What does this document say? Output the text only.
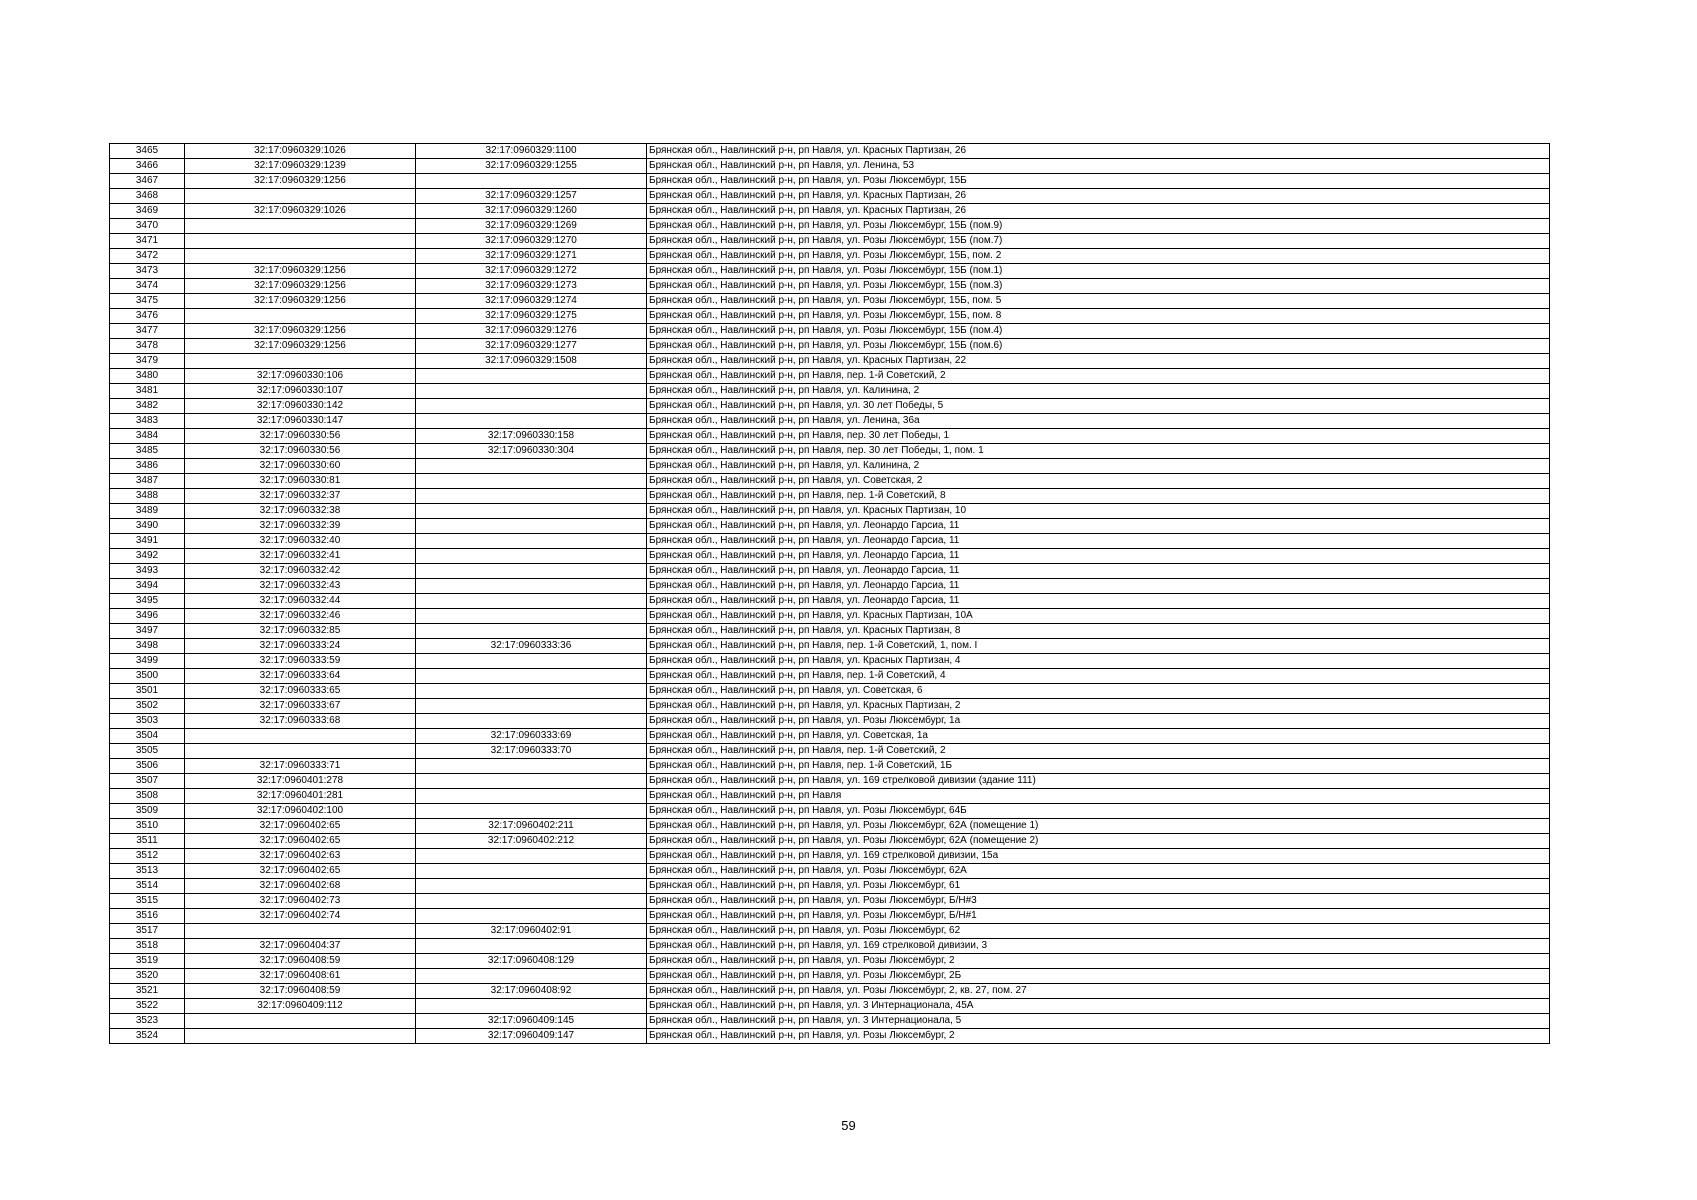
3465	32:17:0960329:1026	32:17:0960329:1100	Брянская обл., Навлинский р-н, рп Навля, ул. Красных Партизан, 26
3466	32:17:0960329:1239	32:17:0960329:1255	Брянская обл., Навлинский р-н, рп Навля, ул. Ленина, 53
3467	32:17:0960329:1256		Брянская обл., Навлинский р-н, рп Навля, ул. Розы Люксембург, 15Б
3468		32:17:0960329:1257	Брянская обл., Навлинский р-н, рп Навля, ул. Красных Партизан, 26
3469	32:17:0960329:1026	32:17:0960329:1260	Брянская обл., Навлинский р-н, рп Навля, ул. Красных Партизан, 26
3470		32:17:0960329:1269	Брянская обл., Навлинский р-н, рп Навля, ул. Розы Люксембург, 15Б (пом.9)
3471		32:17:0960329:1270	Брянская обл., Навлинский р-н, рп Навля, ул. Розы Люксембург, 15Б (пом.7)
3472		32:17:0960329:1271	Брянская обл., Навлинский р-н, рп Навля, ул. Розы Люксембург, 15Б, пом. 2
3473	32:17:0960329:1256	32:17:0960329:1272	Брянская обл., Навлинский р-н, рп Навля, ул. Розы Люксембург, 15Б (пом.1)
3474	32:17:0960329:1256	32:17:0960329:1273	Брянская обл., Навлинский р-н, рп Навля, ул. Розы Люксембург, 15Б (пом.3)
3475	32:17:0960329:1256	32:17:0960329:1274	Брянская обл., Навлинский р-н, рп Навля, ул. Розы Люксембург, 15Б, пом. 5
3476		32:17:0960329:1275	Брянская обл., Навлинский р-н, рп Навля, ул. Розы Люксембург, 15Б, пом. 8
3477	32:17:0960329:1256	32:17:0960329:1276	Брянская обл., Навлинский р-н, рп Навля, ул. Розы Люксембург, 15Б (пом.4)
3478	32:17:0960329:1256	32:17:0960329:1277	Брянская обл., Навлинский р-н, рп Навля, ул. Розы Люксембург, 15Б (пом.6)
3479		32:17:0960329:1508	Брянская обл., Навлинский р-н, рп Навля, ул. Красных Партизан, 22
3480	32:17:0960330:106		Брянская обл., Навлинский р-н, рп Навля, пер. 1-й Советский, 2
3481	32:17:0960330:107		Брянская обл., Навлинский р-н, рп Навля, ул. Калинина, 2
3482	32:17:0960330:142		Брянская обл., Навлинский р-н, рп Навля, ул. 30 лет Победы, 5
3483	32:17:0960330:147		Брянская обл., Навлинский р-н, рп Навля, ул. Ленина, 36а
3484	32:17:0960330:56	32:17:0960330:158	Брянская обл., Навлинский р-н, рп Навля, пер. 30 лет Победы, 1
3485	32:17:0960330:56	32:17:0960330:304	Брянская обл., Навлинский р-н, рп Навля, пер. 30 лет Победы, 1, пом. 1
3486	32:17:0960330:60		Брянская обл., Навлинский р-н, рп Навля, ул. Калинина, 2
3487	32:17:0960330:81		Брянская обл., Навлинский р-н, рп Навля, ул. Советская, 2
3488	32:17:0960332:37		Брянская обл., Навлинский р-н, рп Навля, пер. 1-й Советский, 8
3489	32:17:0960332:38		Брянская обл., Навлинский р-н, рп Навля, ул. Красных Партизан, 10
3490	32:17:0960332:39		Брянская обл., Навлинский р-н, рп Навля, ул. Леонардо Гарсиа, 11
3491	32:17:0960332:40		Брянская обл., Навлинский р-н, рп Навля, ул. Леонардо Гарсиа, 11
3492	32:17:0960332:41		Брянская обл., Навлинский р-н, рп Навля, ул. Леонардо Гарсиа, 11
3493	32:17:0960332:42		Брянская обл., Навлинский р-н, рп Навля, ул. Леонардо Гарсиа, 11
3494	32:17:0960332:43		Брянская обл., Навлинский р-н, рп Навля, ул. Леонардо Гарсиа, 11
3495	32:17:0960332:44		Брянская обл., Навлинский р-н, рп Навля, ул. Леонардо Гарсиа, 11
3496	32:17:0960332:46		Брянская обл., Навлинский р-н, рп Навля, ул. Красных Партизан, 10А
3497	32:17:0960332:85		Брянская обл., Навлинский р-н, рп Навля, ул. Красных Партизан, 8
3498	32:17:0960333:24	32:17:0960333:36	Брянская обл., Навлинский р-н, рп Навля, пер. 1-й Советский, 1, пом. I
3499	32:17:0960333:59		Брянская обл., Навлинский р-н, рп Навля, ул. Красных Партизан, 4
3500	32:17:0960333:64		Брянская обл., Навлинский р-н, рп Навля, пер. 1-й Советский, 4
3501	32:17:0960333:65		Брянская обл., Навлинский р-н, рп Навля, ул. Советская, 6
3502	32:17:0960333:67		Брянская обл., Навлинский р-н, рп Навля, ул. Красных Партизан, 2
3503	32:17:0960333:68		Брянская обл., Навлинский р-н, рп Навля, ул. Розы Люксембург, 1а
3504		32:17:0960333:69	Брянская обл., Навлинский р-н, рп Навля, ул. Советская, 1а
3505		32:17:0960333:70	Брянская обл., Навлинский р-н, рп Навля, пер. 1-й Советский, 2
3506	32:17:0960333:71		Брянская обл., Навлинский р-н, рп Навля, пер. 1-й Советский, 1Б
3507	32:17:0960401:278		Брянская обл., Навлинский р-н, рп Навля, ул. 169 стрелковой дивизии (здание 111)
3508	32:17:0960401:281		Брянская обл., Навлинский р-н, рп Навля
3509	32:17:0960402:100		Брянская обл., Навлинский р-н, рп Навля, ул. Розы Люксембург, 64Б
3510	32:17:0960402:65	32:17:0960402:211	Брянская обл., Навлинский р-н, рп Навля, ул. Розы Люксембург, 62А (помещение 1)
3511	32:17:0960402:65	32:17:0960402:212	Брянская обл., Навлинский р-н, рп Навля, ул. Розы Люксембург, 62А (помещение 2)
3512	32:17:0960402:63		Брянская обл., Навлинский р-н, рп Навля, ул. 169 стрелковой дивизии, 15а
3513	32:17:0960402:65		Брянская обл., Навлинский р-н, рп Навля, ул. Розы Люксембург, 62А
3514	32:17:0960402:68		Брянская обл., Навлинский р-н, рп Навля, ул. Розы Люксембург, 61
3515	32:17:0960402:73		Брянская обл., Навлинский р-н, рп Навля, ул. Розы Люксембург, Б/Н#3
3516	32:17:0960402:74		Брянская обл., Навлинский р-н, рп Навля, ул. Розы Люксембург, Б/Н#1
3517		32:17:0960402:91	Брянская обл., Навлинский р-н, рп Навля, ул. Розы Люксембург, 62
3518	32:17:0960404:37		Брянская обл., Навлинский р-н, рп Навля, ул. 169 стрелковой дивизии, 3
3519	32:17:0960408:59	32:17:0960408:129	Брянская обл., Навлинский р-н, рп Навля, ул. Розы Люксембург, 2
3520	32:17:0960408:61		Брянская обл., Навлинский р-н, рп Навля, ул. Розы Люксембург, 2Б
3521	32:17:0960408:59	32:17:0960408:92	Брянская обл., Навлинский р-н, рп Навля, ул. Розы Люксембург, 2, кв. 27, пом. 27
3522	32:17:0960409:112		Брянская обл., Навлинский р-н, рп Навля, ул. 3 Интернационала, 45А
3523		32:17:0960409:145	Брянская обл., Навлинский р-н, рп Навля, ул. 3 Интернационала, 5
3524		32:17:0960409:147	Брянская обл., Навлинский р-н, рп Навля, ул. Розы Люксембург, 2
59
